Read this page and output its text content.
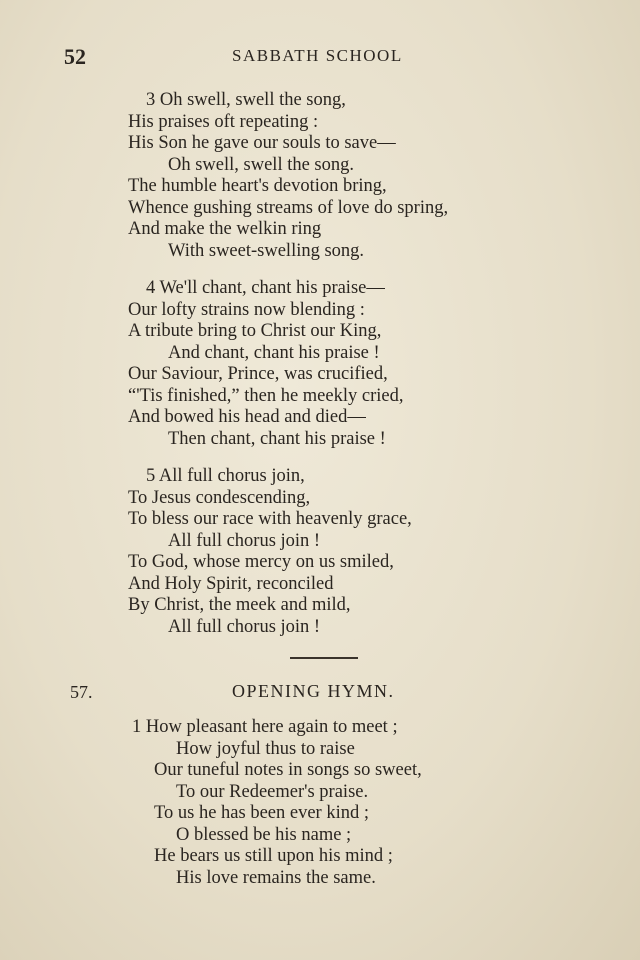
52	SABBATH SCHOOL
3 Oh swell, swell the song,
His praises oft repeating :
His Son he gave our souls to save—
Oh swell, swell the song.
The humble heart's devotion bring,
Whence gushing streams of love do spring,
And make the welkin ring
With sweet-swelling song.
4 We'll chant, chant his praise—
Our lofty strains now blending :
A tribute bring to Christ our King,
And chant, chant his praise !
Our Saviour, Prince, was crucified,
“'Tis finished,” then he meekly cried,
And bowed his head and died—
Then chant, chant his praise !
5 All full chorus join,
To Jesus condescending,
To bless our race with heavenly grace,
All full chorus join !
To God, whose mercy on us smiled,
And Holy Spirit, reconciled
By Christ, the meek and mild,
All full chorus join !
57.	OPENING HYMN.
1 How pleasant here again to meet ;
How joyful thus to raise
Our tuneful notes in songs so sweet,
To our Redeemer's praise.
To us he has been ever kind ;
O blessed be his name ;
He bears us still upon his mind ;
His love remains the same.
